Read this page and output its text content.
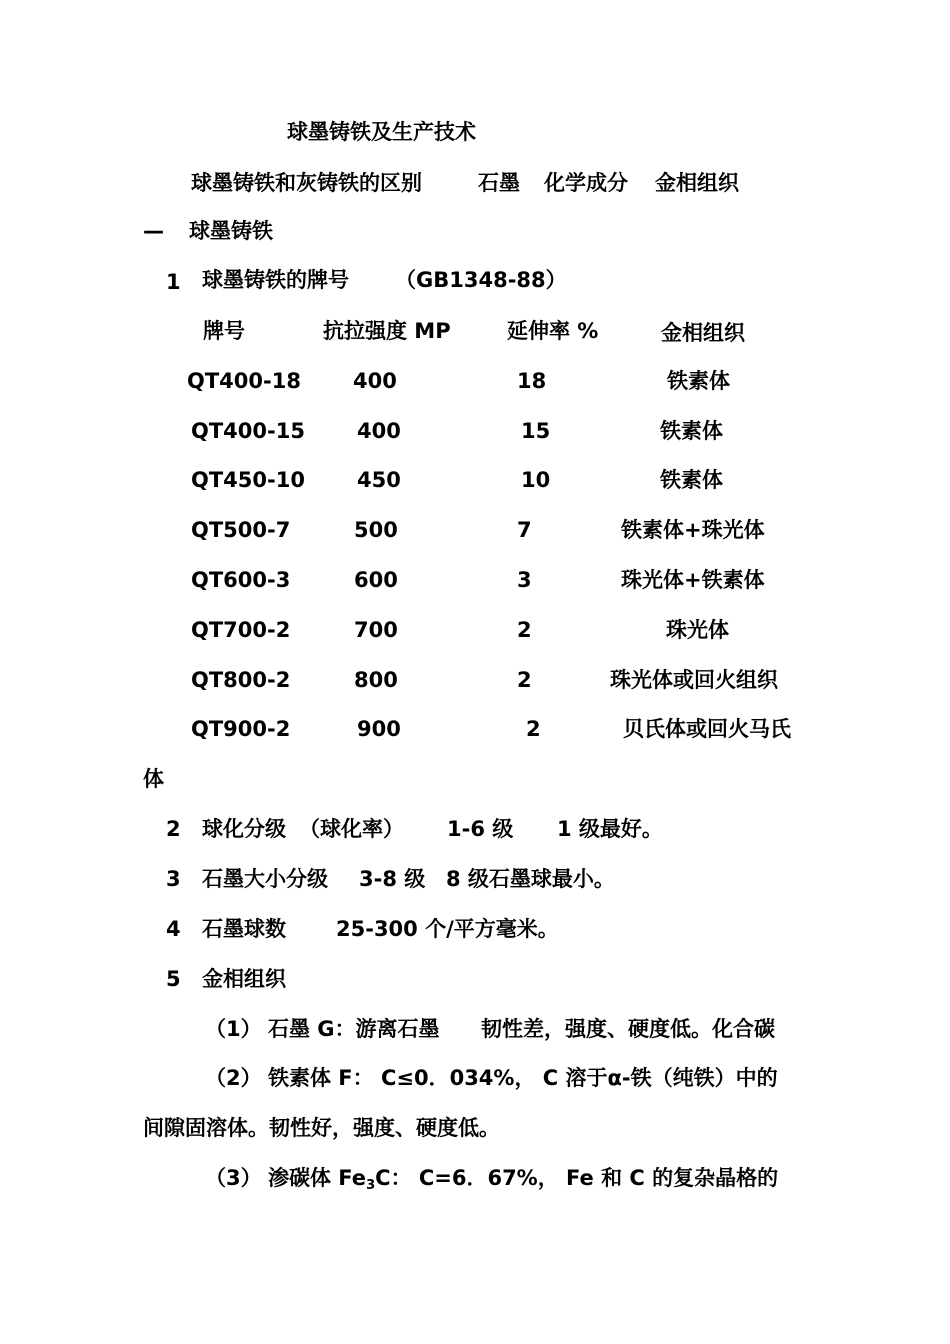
球墨铸铁及生产技术
球墨铸铁和灰铸铁的区别	石墨 化学成分 金相组织
— 球墨铸铁
1 球墨铸铁的牌号 （GB1348-88）
牌号	抗拉强度 MP	延伸率 %	金相组织
QT400-18 400	18	铁素体
QT400-15 400	15	铁素体
QT450-10 450	10	铁素体
QT500-7	500	7	铁素体+珠光体
QT600-3	600	3	珠光体+铁素体
QT700-2	700	2	珠光体
QT800-2	800	2	珠光体或回火组织
QT900-2	900	2	贝氏体或回火马氏
体
2 球化分级 （球化率） 1-6 级 1 级最好。
3 石墨大小分级 3-8 级 8 级石墨球最小。
4 石墨球数 25-300 个/平方毫米。
5 金相组织
（1） 石墨 G：游离石墨 韧性差，强度、硬度低。化合碳
（2） 铁素体 F： C≤0．034%， C 溶于α-铁（纯铁）中的
间隙固溶体。韧性好，强度、硬度低。
（3） 渗碳体 $Fe_3C$： C=6．67%， Fe 和 C 的复杂晶格的
